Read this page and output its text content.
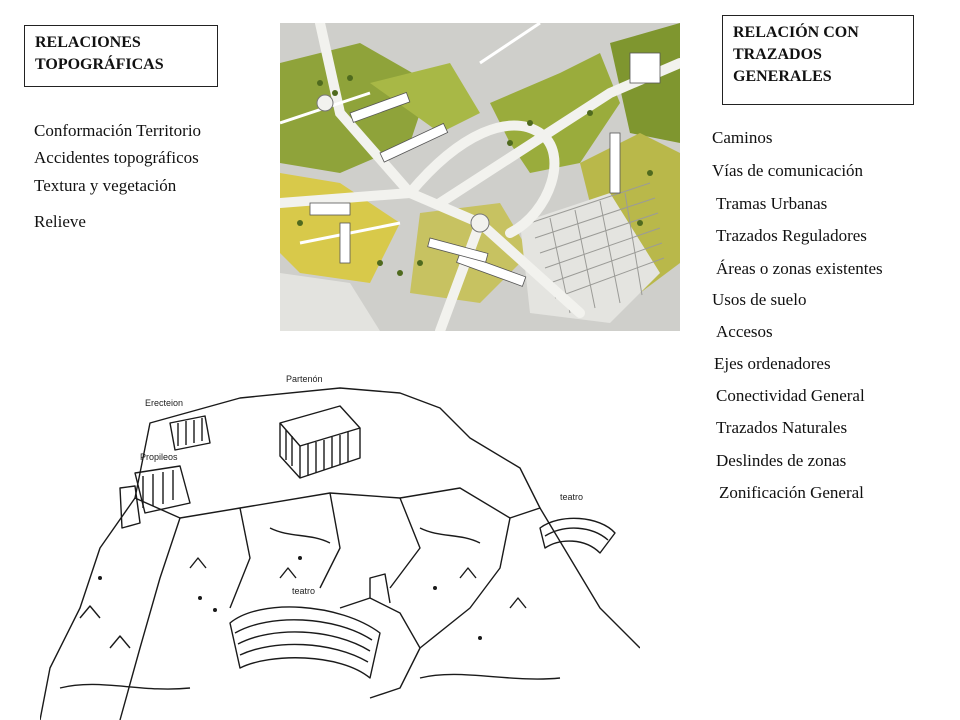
RELACIONES
TOPOGRÁFICAS
Conformación Territorio
Accidentes topográficos
Textura y vegetación
Relieve
RELACIÓN CON
TRAZADOS
GENERALES
Caminos
Vías de comunicación
Tramas Urbanas
Trazados Reguladores
Áreas o zonas existentes
Usos de suelo
Accesos
Ejes ordenadores
Conectividad General
Trazados Naturales
Deslindes de zonas
Zonificación General
Partenón
Erecteion
Propileos
teatro
teatro
